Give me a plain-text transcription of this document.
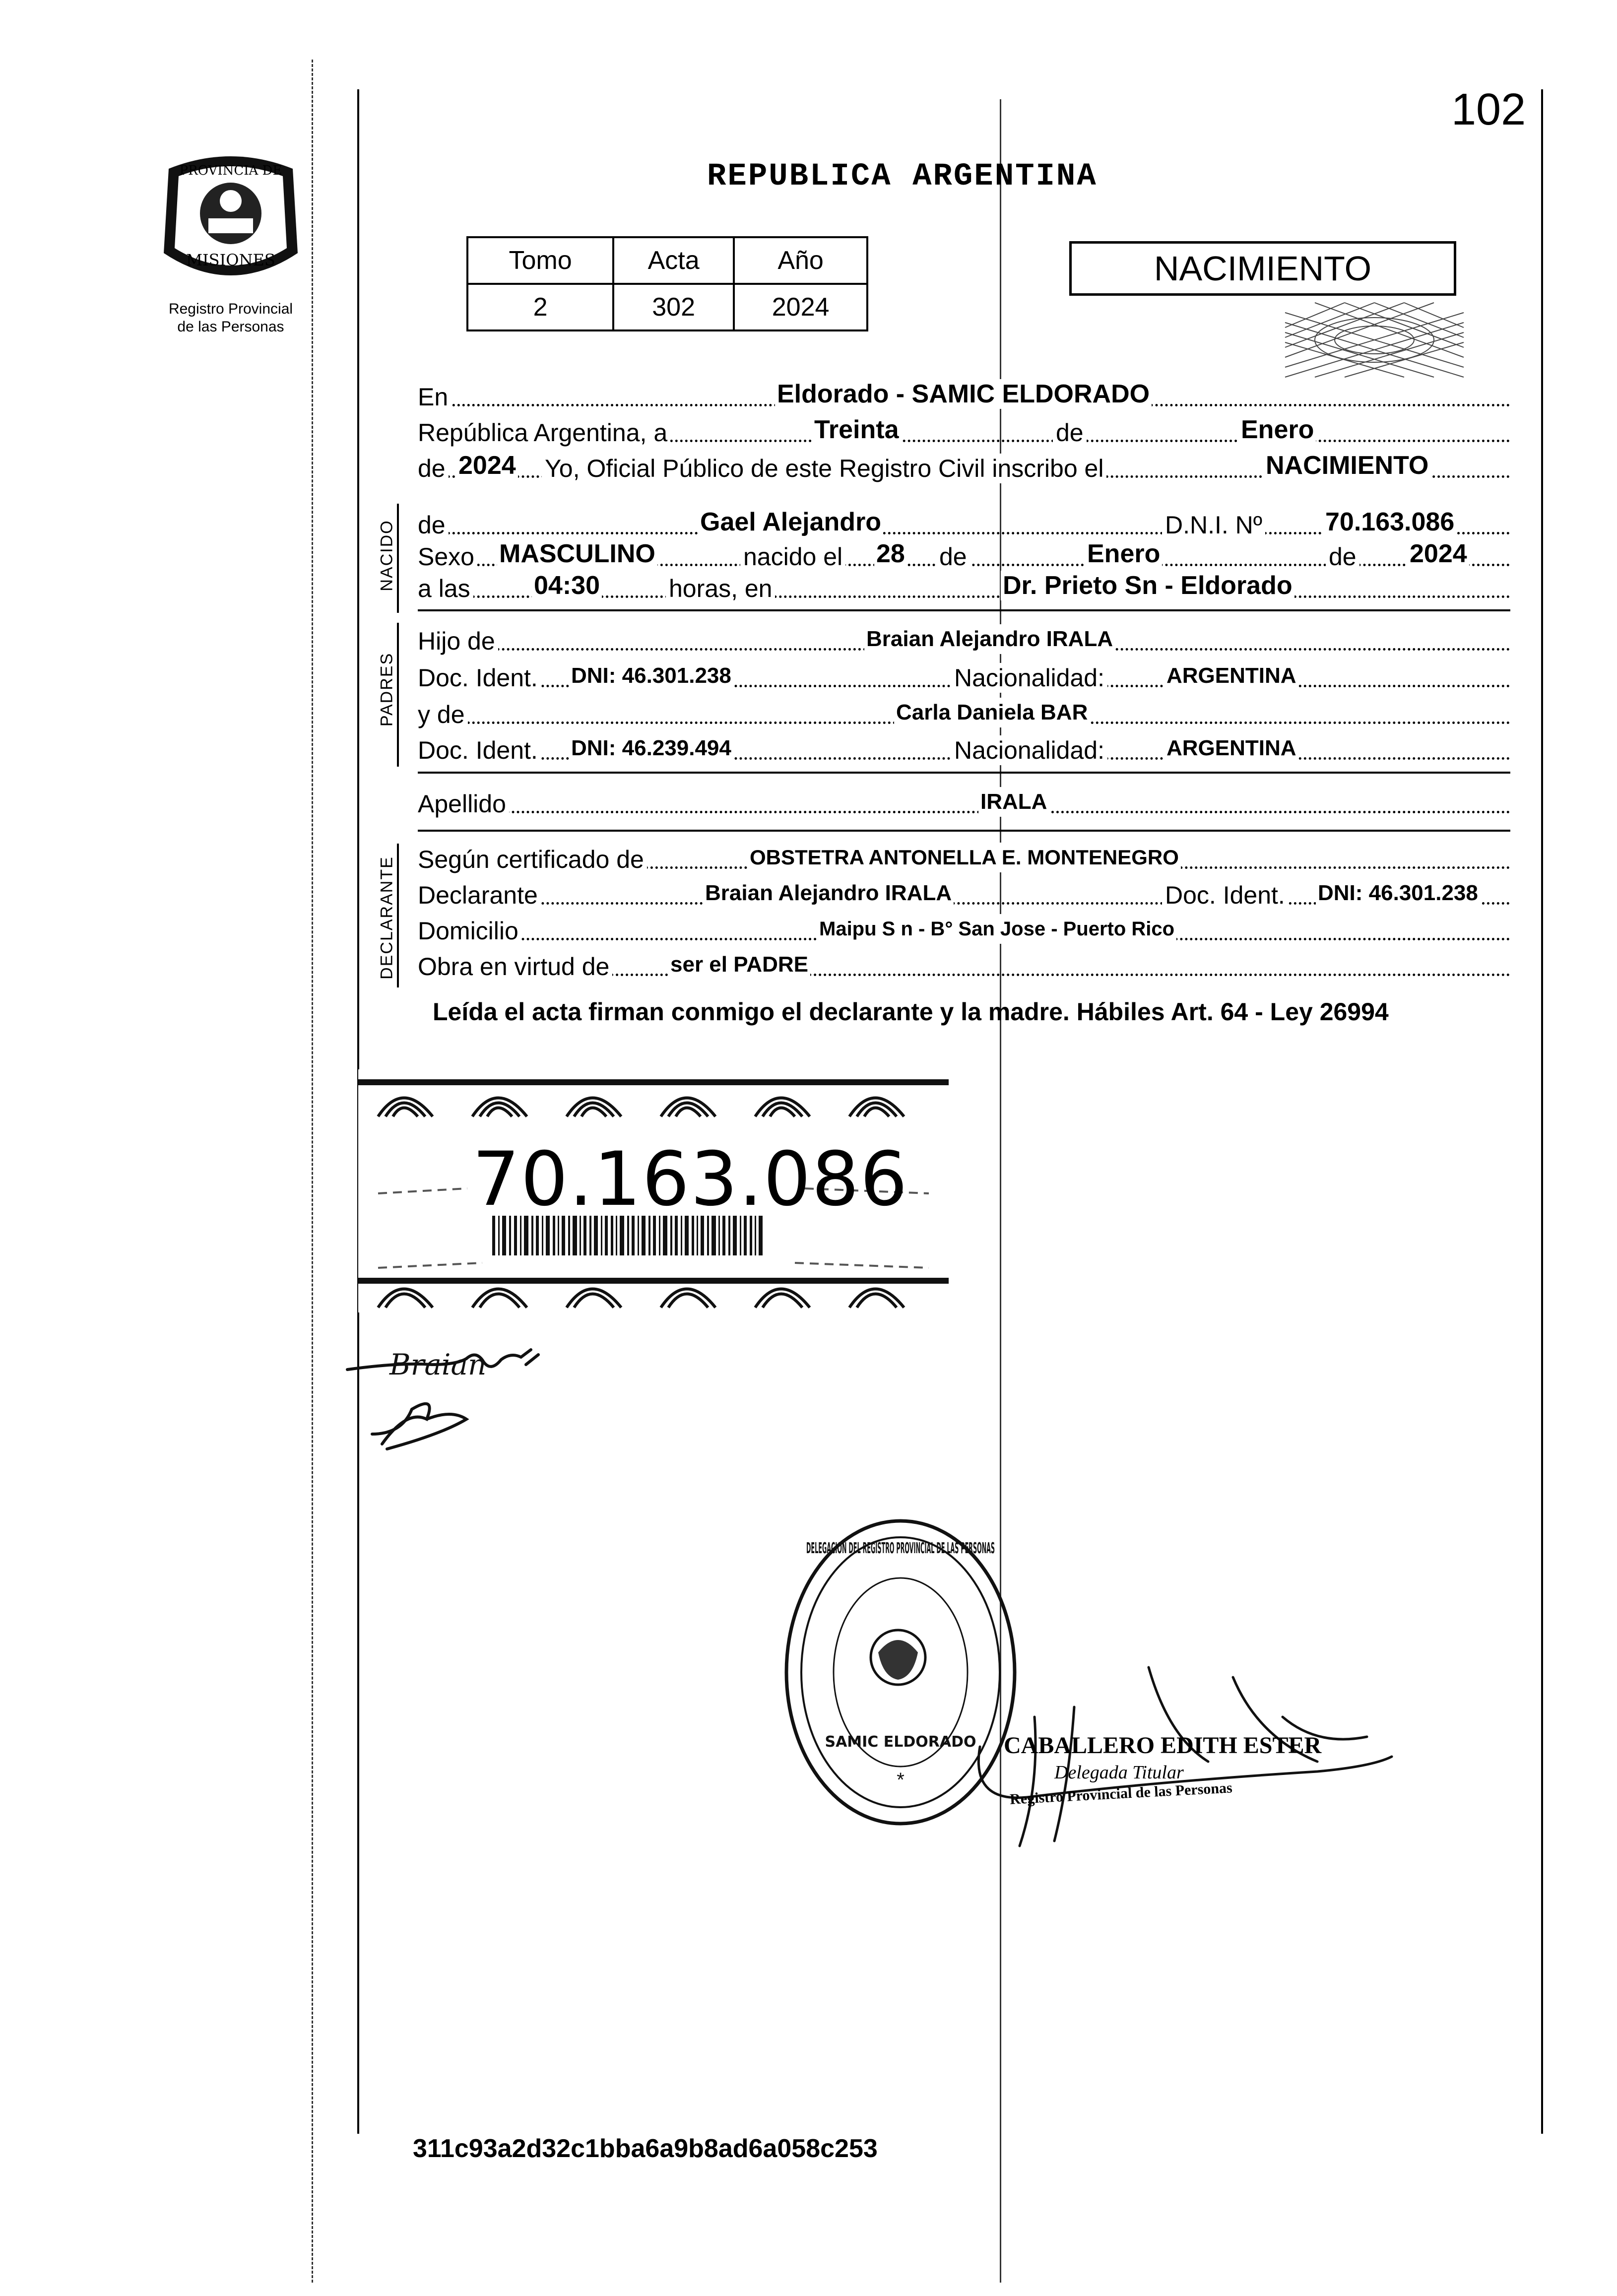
102
PROVINCIA DE
MISIONES
Registro Provincial
de las Personas
REPUBLICA ARGENTINA
Tomo	Acta	Año
2	302	2024
NACIMIENTO
En	Eldorado - SAMIC ELDORADO
República Argentina, a	Treinta	de	Enero
de 2024 Yo, Oficial Público de este Registro Civil inscribo el	NACIMIENTO
NACIDO de	Gael Alejandro	D.N.I. Nº 70.163.086
Sexo MASCULINO	nacido el 28 de	Enero	de 2024
a las 04:30	horas, en	Dr. Prieto Sn - Eldorado
PADRES
Hijo de	Braian Alejandro IRALA
Doc. Ident. DNI: 46.301.238	Nacionalidad:	ARGENTINA
y de	Carla Daniela BAR
Doc. Ident. DNI: 46.239.494	Nacionalidad:	ARGENTINA
Apellido	IRALA
DECLARANTE Según certificado de	OBSTETRA ANTONELLA E. MONTENEGRO
Declarante	Braian Alejandro IRALA	Doc. Ident. DNI: 46.301.238
Domicilio	Maipu S n - B° San Jose - Puerto Rico
Obra en virtud de	ser el PADRE
Leída el acta firman conmigo el declarante y la madre. Hábiles Art. 64 - Ley 26994
70.163.086
Braian
DELEGACION DEL REGISTRO PROVINCIAL DE LAS PERSONAS
SAMIC ELDORADO
*
CABALLERO EDITH ESTER
Delegada Titular
Registro Provincial de las Personas
311c93a2d32c1bba6a9b8ad6a058c253
